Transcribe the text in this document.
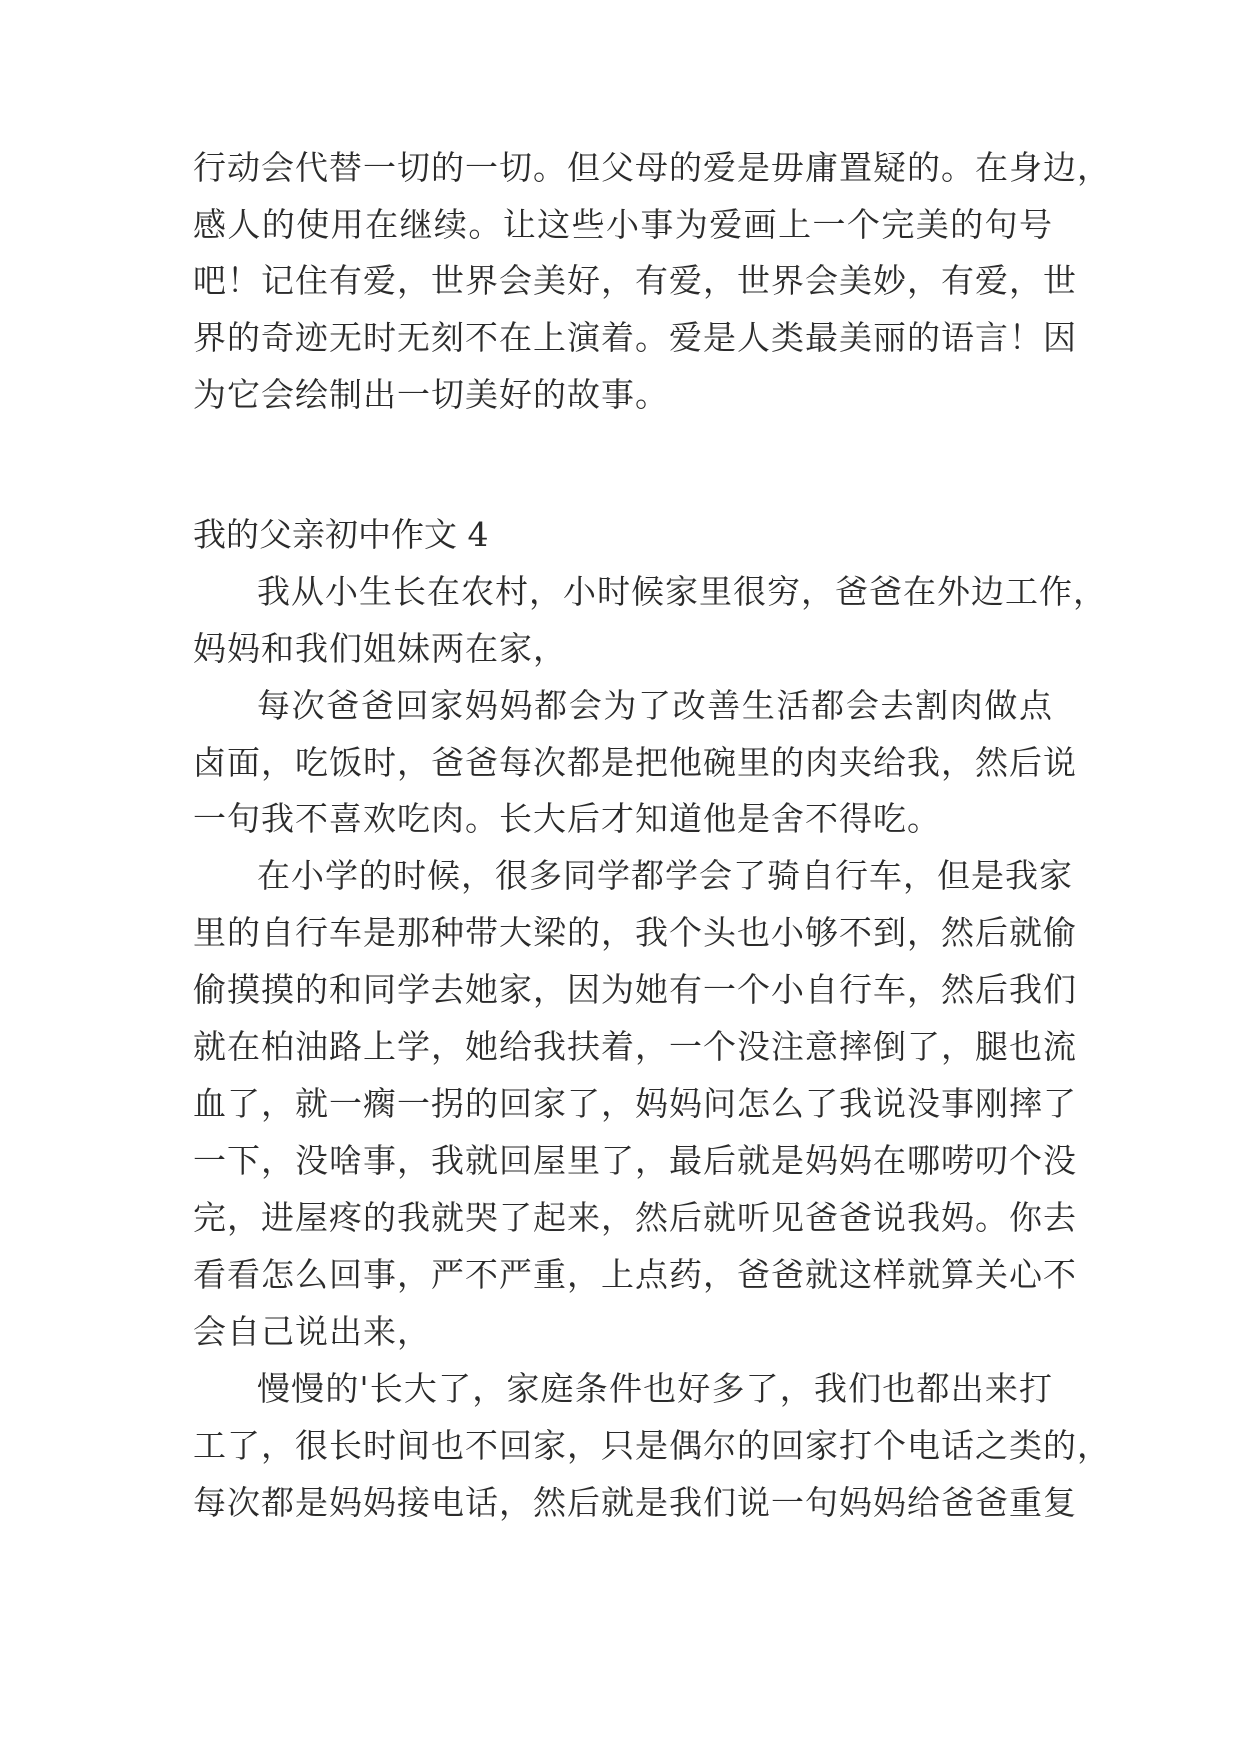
行动会代替一切的一切。但父母的爱是毋庸置疑的。在身边，

感人的使用在继续。让这些小事为爱画上一个完美的句号

吧！记住有爱，世界会美好，有爱，世界会美妙，有爱，世

界的奇迹无时无刻不在上演着。爱是人类最美丽的语言！因

为它会绘制出一切美好的故事。

我的父亲初中作文 4

我从小生长在农村，小时候家里很穷，爸爸在外边工作，

妈妈和我们姐妹两在家，

每次爸爸回家妈妈都会为了改善生活都会去割肉做点

卤面，吃饭时，爸爸每次都是把他碗里的肉夹给我，然后说

一句我不喜欢吃肉。长大后才知道他是舍不得吃。

在小学的时候，很多同学都学会了骑自行车，但是我家

里的自行车是那种带大梁的，我个头也小够不到，然后就偷

偷摸摸的和同学去她家，因为她有一个小自行车，然后我们

就在柏油路上学，她给我扶着，一个没注意摔倒了，腿也流

血了，就一瘸一拐的回家了，妈妈问怎么了我说没事刚摔了

一下，没啥事，我就回屋里了，最后就是妈妈在哪唠叨个没

完，进屋疼的我就哭了起来，然后就听见爸爸说我妈。你去

看看怎么回事，严不严重，上点药，爸爸就这样就算关心不

会自己说出来，

慢慢的'长大了，家庭条件也好多了，我们也都出来打

工了，很长时间也不回家，只是偶尔的回家打个电话之类的，

每次都是妈妈接电话，然后就是我们说一句妈妈给爸爸重复
